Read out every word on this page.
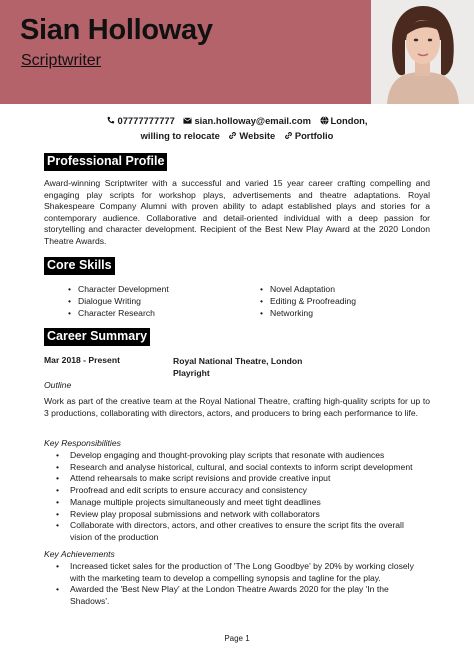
Sian Holloway
Scriptwriter
07777777777 sian.holloway@email.com London,
willing to relocate Website Portfolio
Professional Profile
Award-winning Scriptwriter with a successful and varied 15 year career crafting compelling and engaging play scripts for workshop plays, advertisements and theatre adaptations. Royal Shakespeare Company Alumni with proven ability to adapt established plays and stories for a contemporary audience. Collaborative and detail-oriented individual with a deep passion for storytelling and character development. Recipient of the Best New Play Award at the 2020 London Theatre Awards.
Core Skills
• Character Development
• Dialogue Writing
• Character Research
• Novel Adaptation
• Editing & Proofreading
• Networking
Career Summary
Mar 2018 - Present	Royal National Theatre, London Playright
Outline
Work as part of the creative team at the Royal National Theatre, crafting high-quality scripts for up to 3 productions, collaborating with directors, actors, and producers to bring each performance to life.
Key Responsibilities
• Develop engaging and thought-provoking play scripts that resonate with audiences
• Research and analyse historical, cultural, and social contexts to inform script development
• Attend rehearsals to make script revisions and provide creative input
• Proofread and edit scripts to ensure accuracy and consistency
• Manage multiple projects simultaneously and meet tight deadlines
• Review play proposal submissions and network with collaborators
• Collaborate with directors, actors, and other creatives to ensure the script fits the overall vision of the production
Key Achievements
• Increased ticket sales for the production of 'The Long Goodbye' by 20% by working closely with the marketing team to develop a compelling synopsis and tagline for the play.
• Awarded the 'Best New Play' at the London Theatre Awards 2020 for the play 'In the Shadows'.
Page 1
